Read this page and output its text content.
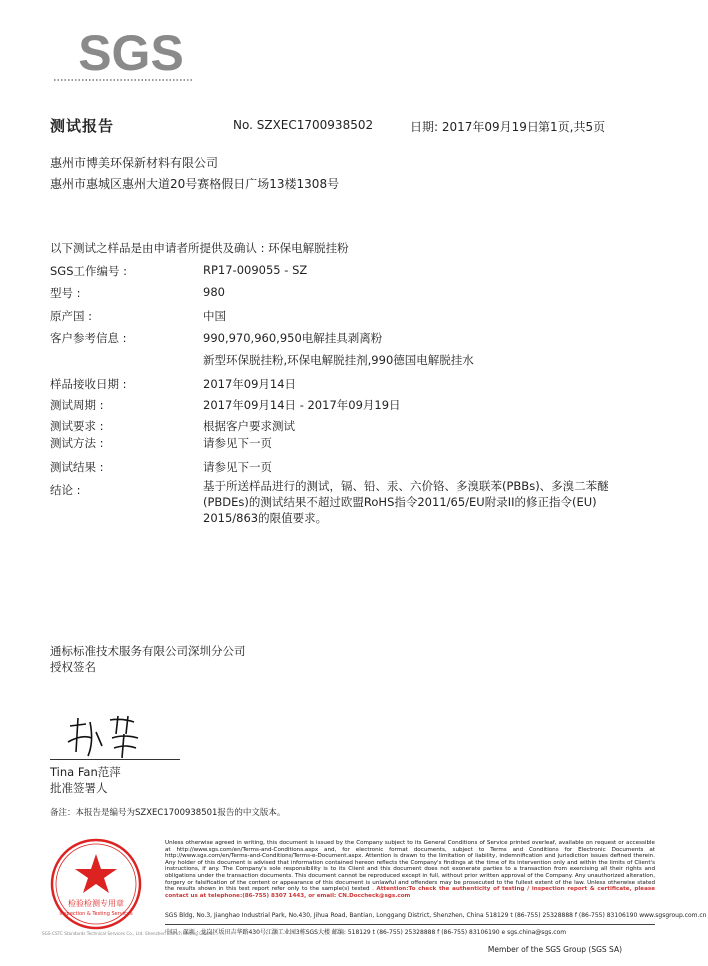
SGS
测试报告	No. SZXEC1700938502	日期: 2017年09月19日 第1页,共5页
惠州市博美环保新材料有限公司
惠州市惠城区惠州大道20号赛格假日广场13楼1308号
以下测试之样品是由申请者所提供及确认 : 环保电解脱挂粉
SGS工作编号 :	RP17-009055 - SZ
型号 :	980
原产国 :	中国
客户参考信息 :	990,970,960,950电解挂具剥离粉
新型环保脱挂粉,环保电解脱挂剂,990德国电解脱挂水
样品接收日期 :	2017年09月14日
测试周期 :	2017年09月14日 - 2017年09月19日
测试要求 :	根据客户要求测试
测试方法 :	请参见下一页
测试结果 :	请参见下一页
结论 :	基于所送样品进行的测试，镉、铅、汞、六价铬、多溴联苯(PBBs)、多溴二苯醚(PBDEs)的测试结果不超过欧盟RoHS指令2011/65/EU附录II的修正指令(EU) 2015/863的限值要求。
通标标准技术服务有限公司深圳分公司
授权签名
Tina Fan范萍
批准签署人
备注：本报告是编号为SZXEC1700938501报告的中文版本。
检验检测专用章
Inspection & Testing Services
SGS-CSTC Standards Technical Services Co., Ltd. Shenzhen Branch Testing Center
Unless otherwise agreed in writing, this document is issued by the Company subject to its General Conditions of Service printed overleaf, available on request or accessible at http://www.sgs.com/en/Terms-and-Conditions.aspx and, for electronic format documents, subject to Terms and Conditions for Electronic Documents at http://www.sgs.com/en/Terms-and-Conditions/Terms-e-Document.aspx. Attention is drawn to the limitation of liability, indemnification and jurisdiction issues defined therein. Any holder of this document is advised that information contained hereon reflects the Company's findings at the time of its intervention only and within the limits of Client's instructions, if any. The Company's sole responsibility is to its Client and this document does not exonerate parties to a transaction from exercising all their rights and obligations under the transaction documents. This document cannot be reproduced except in full, without prior written approval of the Company. Any unauthorized alteration, forgery or falsification of the content or appearance of this document is unlawful and offenders may be prosecuted to the fullest extent of the law. Unless otherwise stated the results shown in this test report refer only to the sample(s) tested . Attention:To check the authenticity of testing / inspection report & certificate, please contact us at telephone:(86-755) 8307 1443, or email: CN.Doccheck@sgs.com
SGS Bldg, No.3, Jianghao Industrial Park, No.430, Jihua Road, Bantian, Longgang District, Shenzhen, China 518129 t (86-755) 25328888 f (86-755) 83106190 www.sgsgroup.com.cn
中国 · 深圳 · 龙岗区坂田吉华路430号江灏工业园3栋SGS大楼 邮编: 518129 t (86-755) 25328888 f (86-755) 83106190 e sgs.china@sgs.com
Member of the SGS Group (SGS SA)
